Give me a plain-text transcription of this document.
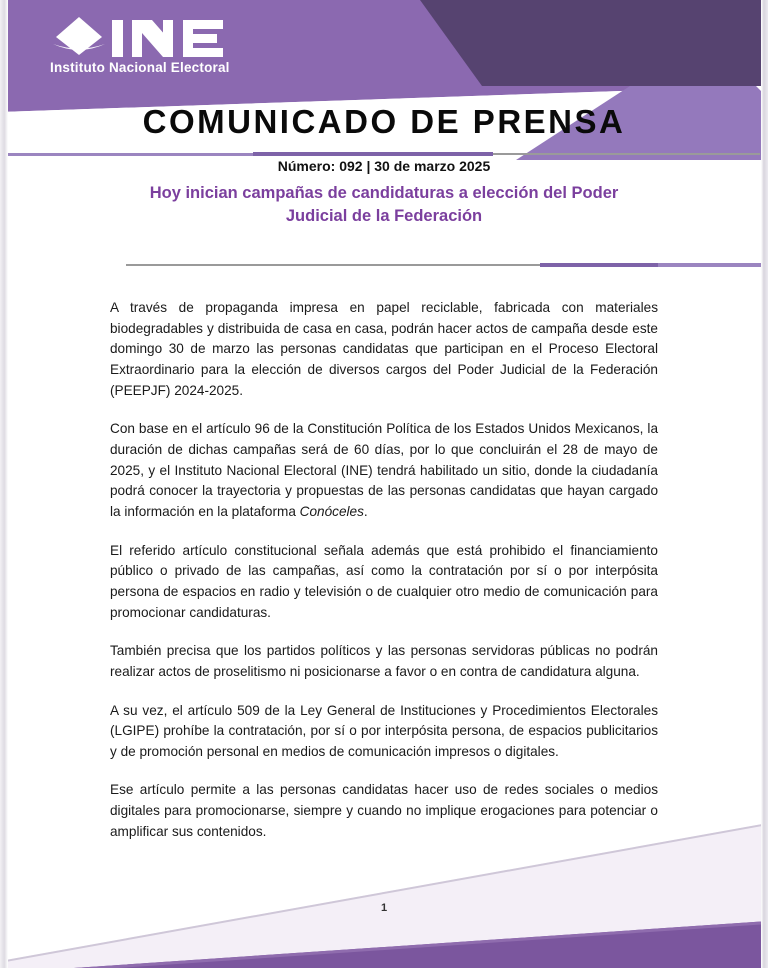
Instituto Nacional Electoral
COMUNICADO DE PRENSA
Número: 092 | 30 de marzo 2025
Hoy inician campañas de candidaturas a elección del Poder Judicial de la Federación

A través de propaganda impresa en papel reciclable, fabricada con materiales biodegradables y distribuida de casa en casa, podrán hacer actos de campaña desde este domingo 30 de marzo las personas candidatas que participan en el Proceso Electoral Extraordinario para la elección de diversos cargos del Poder Judicial de la Federación (PEEPJF) 2024-2025.

Con base en el artículo 96 de la Constitución Política de los Estados Unidos Mexicanos, la duración de dichas campañas será de 60 días, por lo que concluirán el 28 de mayo de 2025, y el Instituto Nacional Electoral (INE) tendrá habilitado un sitio, donde la ciudadanía podrá conocer la trayectoria y propuestas de las personas candidatas que hayan cargado la información en la plataforma Conóceles.

El referido artículo constitucional señala además que está prohibido el financiamiento público o privado de las campañas, así como la contratación por sí o por interpósita persona de espacios en radio y televisión o de cualquier otro medio de comunicación para promocionar candidaturas.

También precisa que los partidos políticos y las personas servidoras públicas no podrán realizar actos de proselitismo ni posicionarse a favor o en contra de candidatura alguna.

A su vez, el artículo 509 de la Ley General de Instituciones y Procedimientos Electorales (LGIPE) prohíbe la contratación, por sí o por interpósita persona, de espacios publicitarios y de promoción personal en medios de comunicación impresos o digitales.

Ese artículo permite a las personas candidatas hacer uso de redes sociales o medios digitales para promocionarse, siempre y cuando no implique erogaciones para potenciar o amplificar sus contenidos.

1
